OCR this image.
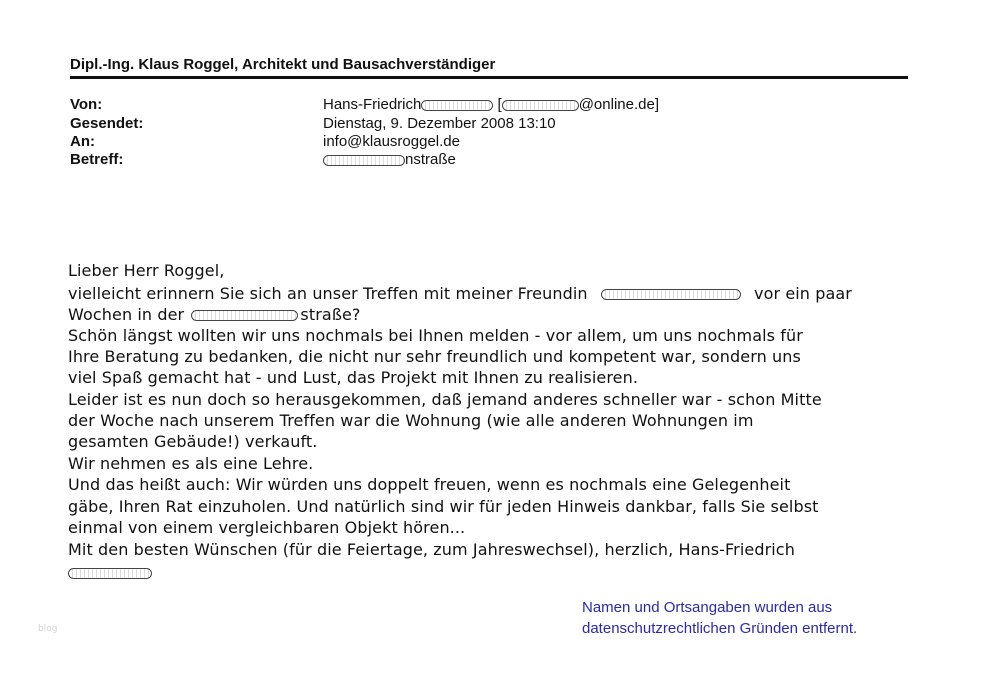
Dipl.-Ing. Klaus Roggel, Architekt und Bausachverständiger
Von:	Hans-Friedrich	[	@online.de]
Gesendet:	Dienstag, 9. Dezember 2008 13:10
An:	info@klausroggel.de
Betreff:	nstraße
Lieber Herr Roggel,
vielleicht erinnern Sie sich an unser Treffen mit meiner Freundin	vor ein paar
Wochen in der	straße?
Schön längst wollten wir uns nochmals bei Ihnen melden - vor allem, um uns nochmals für
Ihre Beratung zu bedanken, die nicht nur sehr freundlich und kompetent war, sondern uns
viel Spaß gemacht hat - und Lust, das Projekt mit Ihnen zu realisieren.
Leider ist es nun doch so herausgekommen, daß jemand anderes schneller war - schon Mitte
der Woche nach unserem Treffen war die Wohnung (wie alle anderen Wohnungen im
gesamten Gebäude!) verkauft.
Wir nehmen es als eine Lehre.
Und das heißt auch: Wir würden uns doppelt freuen, wenn es nochmals eine Gelegenheit
gäbe, Ihren Rat einzuholen. Und natürlich sind wir für jeden Hinweis dankbar, falls Sie selbst
einmal von einem vergleichbaren Objekt hören...
Mit den besten Wünschen (für die Feiertage, zum Jahreswechsel), herzlich, Hans-Friedrich
Namen und Ortsangaben wurden aus
datenschutzrechtlichen Gründen entfernt.
blog
